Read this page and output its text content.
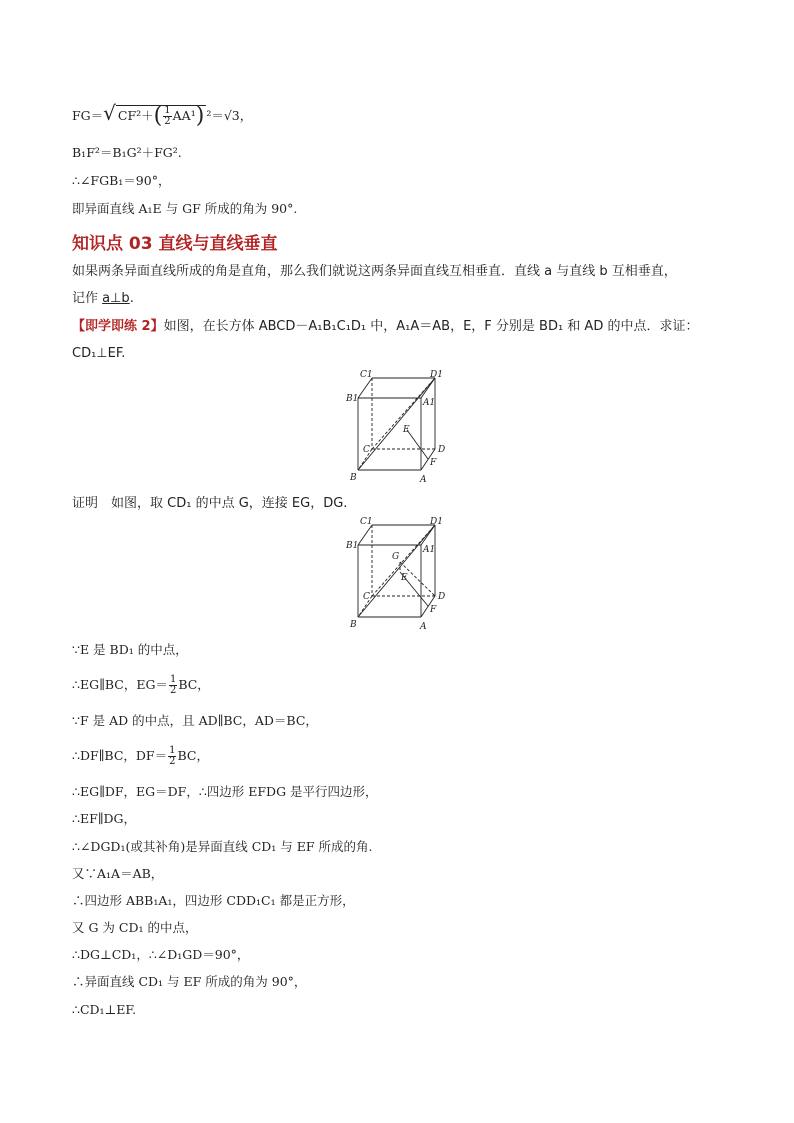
FG＝√ $CF^2+( \frac{1}{2} AA^1)$ ²＝√3，
B₁F²＝B₁G²＋FG².
∴∠FGB₁＝90°，
即异面直线 A₁E 与 GF 所成的角为 90°.
知识点 03 直线与直线垂直
如果两条异面直线所成的角是直角，那么我们就说这两条异面直线互相垂直．直线 a 与直线 b 互相垂直，
记作 a⊥b.
【即学即练 2】如图，在长方体 ABCD－A₁B₁C₁D₁ 中，A₁A＝AB，E，F 分别是 BD₁ 和 AD 的中点．求证：
CD₁⊥EF.
C1	D1
B1	A1
E
C	D
F
B	A
证明　如图，取 CD₁ 的中点 G，连接 EG，DG.
C1	D1
B1
G
A1
E
C	D
F
B	A
∵E 是 BD₁ 的中点，
∴EG∥BC，$EG= \frac{1}{2}$ BC，
∵F 是 AD 的中点，且 AD∥BC，AD＝BC，
∴DF∥BC，$DF= \frac{1}{2}$ BC，
∴EG∥DF，EG＝DF，∴四边形 EFDG 是平行四边形，
∴EF∥DG，
∴∠DGD₁(或其补角)是异面直线 CD₁ 与 EF 所成的角.
又∵A₁A＝AB，
∴四边形 ABB₁A₁，四边形 CDD₁C₁ 都是正方形，
又 G 为 CD₁ 的中点，
∴DG⊥CD₁，∴∠D₁GD＝90°，
∴异面直线 CD₁ 与 EF 所成的角为 90°，
∴CD₁⊥EF.
